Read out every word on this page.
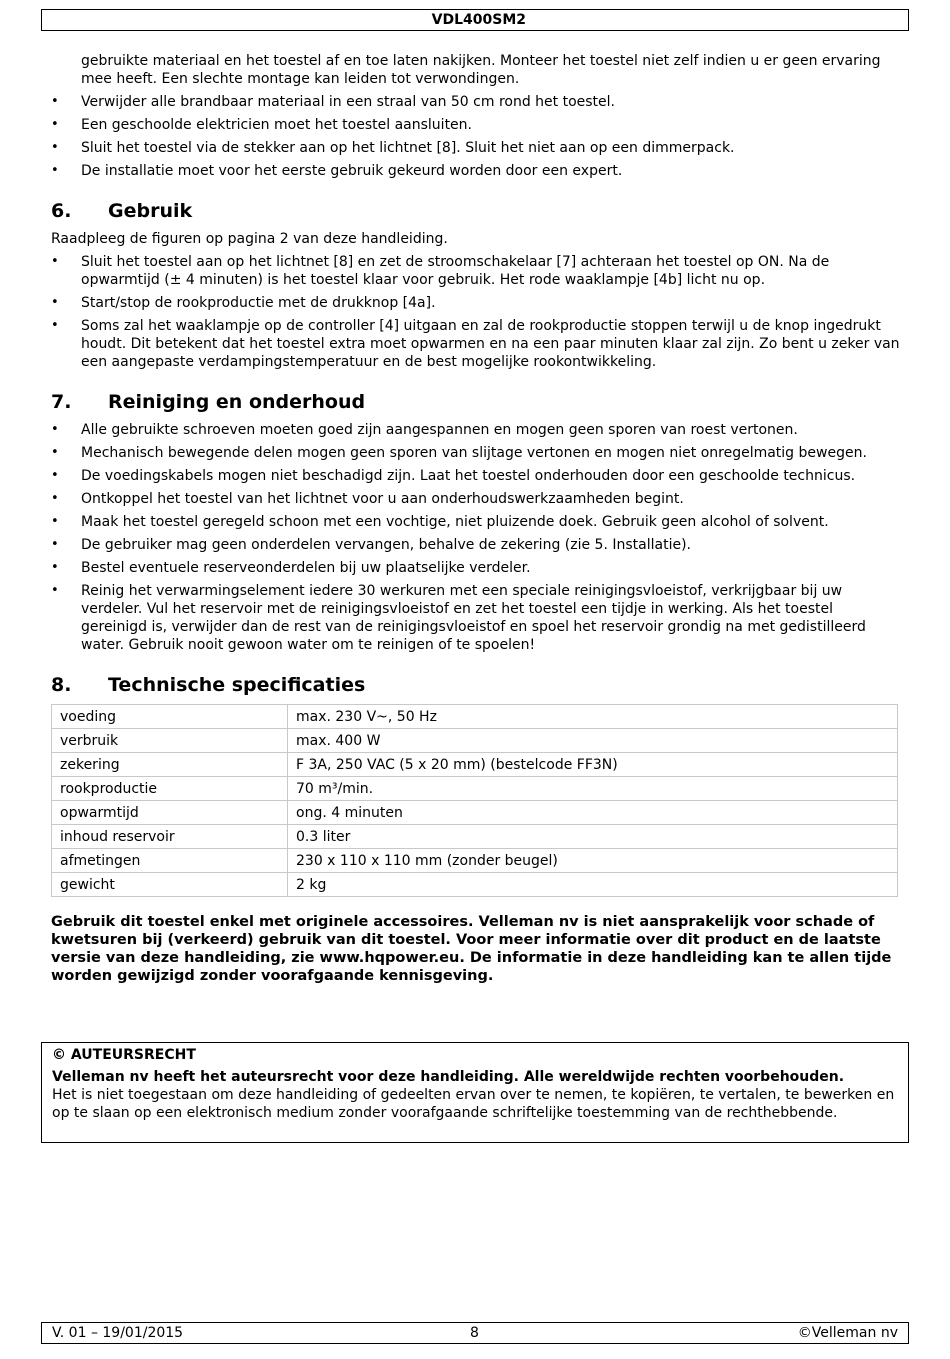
VDL400SM2

gebruikte materiaal en het toestel af en toe laten nakijken. Monteer het toestel niet zelf indien u er geen ervaring mee heeft. Een slechte montage kan leiden tot verwondingen.

• Verwijder alle brandbaar materiaal in een straal van 50 cm rond het toestel.
• Een geschoolde elektricien moet het toestel aansluiten.
• Sluit het toestel via de stekker aan op het lichtnet [8]. Sluit het niet aan op een dimmerpack.
• De installatie moet voor het eerste gebruik gekeurd worden door een expert.
6. Gebruik

Raadpleeg de figuren op pagina 2 van deze handleiding.

• Sluit het toestel aan op het lichtnet [8] en zet de stroomschakelaar [7] achteraan het toestel op ON. Na de opwarmtijd (± 4 minuten) is het toestel klaar voor gebruik. Het rode waaklampje [4b] licht nu op.
• Start/stop de rookproductie met de drukknop [4a].
• Soms zal het waaklampje op de controller [4] uitgaan en zal de rookproductie stoppen terwijl u de knop ingedrukt houdt. Dit betekent dat het toestel extra moet opwarmen en na een paar minuten klaar zal zijn. Zo bent u zeker van een aangepaste verdampingstemperatuur en de best mogelijke rookontwikkeling.
7. Reiniging en onderhoud
• Alle gebruikte schroeven moeten goed zijn aangespannen en mogen geen sporen van roest vertonen.
• Mechanisch bewegende delen mogen geen sporen van slijtage vertonen en mogen niet onregelmatig bewegen.
• De voedingskabels mogen niet beschadigd zijn. Laat het toestel onderhouden door een geschoolde technicus.
• Ontkoppel het toestel van het lichtnet voor u aan onderhoudswerkzaamheden begint.
• Maak het toestel geregeld schoon met een vochtige, niet pluizende doek. Gebruik geen alcohol of solvent.
• De gebruiker mag geen onderdelen vervangen, behalve de zekering (zie 5. Installatie).
• Bestel eventuele reserveonderdelen bij uw plaatselijke verdeler.
• Reinig het verwarmingselement iedere 30 werkuren met een speciale reinigingsvloeistof, verkrijgbaar bij uw verdeler. Vul het reservoir met de reinigingsvloeistof en zet het toestel een tijdje in werking. Als het toestel gereinigd is, verwijder dan de rest van de reinigingsvloeistof en spoel het reservoir grondig na met gedistilleerd water. Gebruik nooit gewoon water om te reinigen of te spoelen!
8. Technische specificaties
voeding	max. 230 V~, 50 Hz
verbruik	max. 400 W
zekering	F 3A, 250 VAC (5 x 20 mm) (bestelcode FF3N)
rookproductie	70 m³/min.
opwarmtijd	ong. 4 minuten
inhoud reservoir	0.3 liter
afmetingen	230 x 110 x 110 mm (zonder beugel)
gewicht	2 kg

Gebruik dit toestel enkel met originele accessoires. Velleman nv is niet aansprakelijk voor schade of kwetsuren bij (verkeerd) gebruik van dit toestel. Voor meer informatie over dit product en de laatste versie van deze handleiding, zie www.hqpower.eu. De informatie in deze handleiding kan te allen tijde worden gewijzigd zonder voorafgaande kennisgeving.

© AUTEURSRECHT
Velleman nv heeft het auteursrecht voor deze handleiding. Alle wereldwijde rechten voorbehouden.
Het is niet toegestaan om deze handleiding of gedeelten ervan over te nemen, te kopiëren, te vertalen, te bewerken en op te slaan op een elektronisch medium zonder voorafgaande schriftelijke toestemming van de rechthebbende.
V. 01 – 19/01/2015	8	©Velleman nv
